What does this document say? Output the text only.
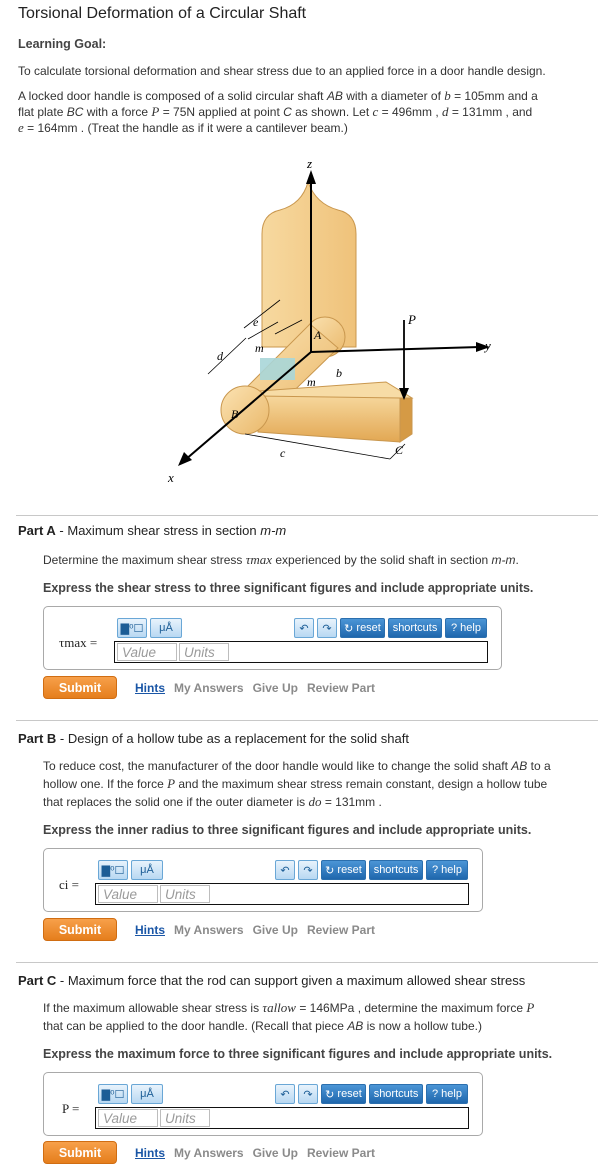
Torsional Deformation of a Circular Shaft
Learning Goal:
To calculate torsional deformation and shear stress due to an applied force in a door handle design.
A locked door handle is composed of a solid circular shaft AB with a diameter of b = 105mm and a
flat plate BC with a force P = 75N applied at point C as shown. Let c = 496mm , d = 131mm , and
e = 164mm . (Treat the handle as if it were a cantilever beam.)
z
y
x
P
A
B
C
m
m
b
c
d
e
Part A - Maximum shear stress in section m-m
Determine the maximum shear stress τmax experienced by the solid shaft in section m-m.
Express the shear stress to three significant figures and include appropriate units.
τmax =
▇⁰☐	μÅ	↶	↷	↻
reset	shortcuts	? help
Value	Units
Submit	Hints My Answers Give Up Review Part
Part B - Design of a hollow tube as a replacement for the solid shaft
To reduce cost, the manufacturer of the door handle would like to change the solid shaft AB to a
hollow one. If the force P and the maximum shear stress remain constant, design a hollow tube
that replaces the solid one if the outer diameter is do = 131mm .
Express the inner radius to three significant figures and include appropriate units.
ci =
▇⁰☐	μÅ	↶	↷	↻
reset	shortcuts	? help
Value	Units
Submit	Hints My Answers Give Up Review Part
Part C - Maximum force that the rod can support given a maximum allowed shear stress
If the maximum allowable shear stress is τallow = 146MPa , determine the maximum force P
that can be applied to the door handle. (Recall that piece AB is now a hollow tube.)
Express the maximum force to three significant figures and include appropriate units.
P =
▇⁰☐	μÅ	↶	↷	↻
reset	shortcuts	? help
Value	Units
Submit	Hints My Answers Give Up Review Part
